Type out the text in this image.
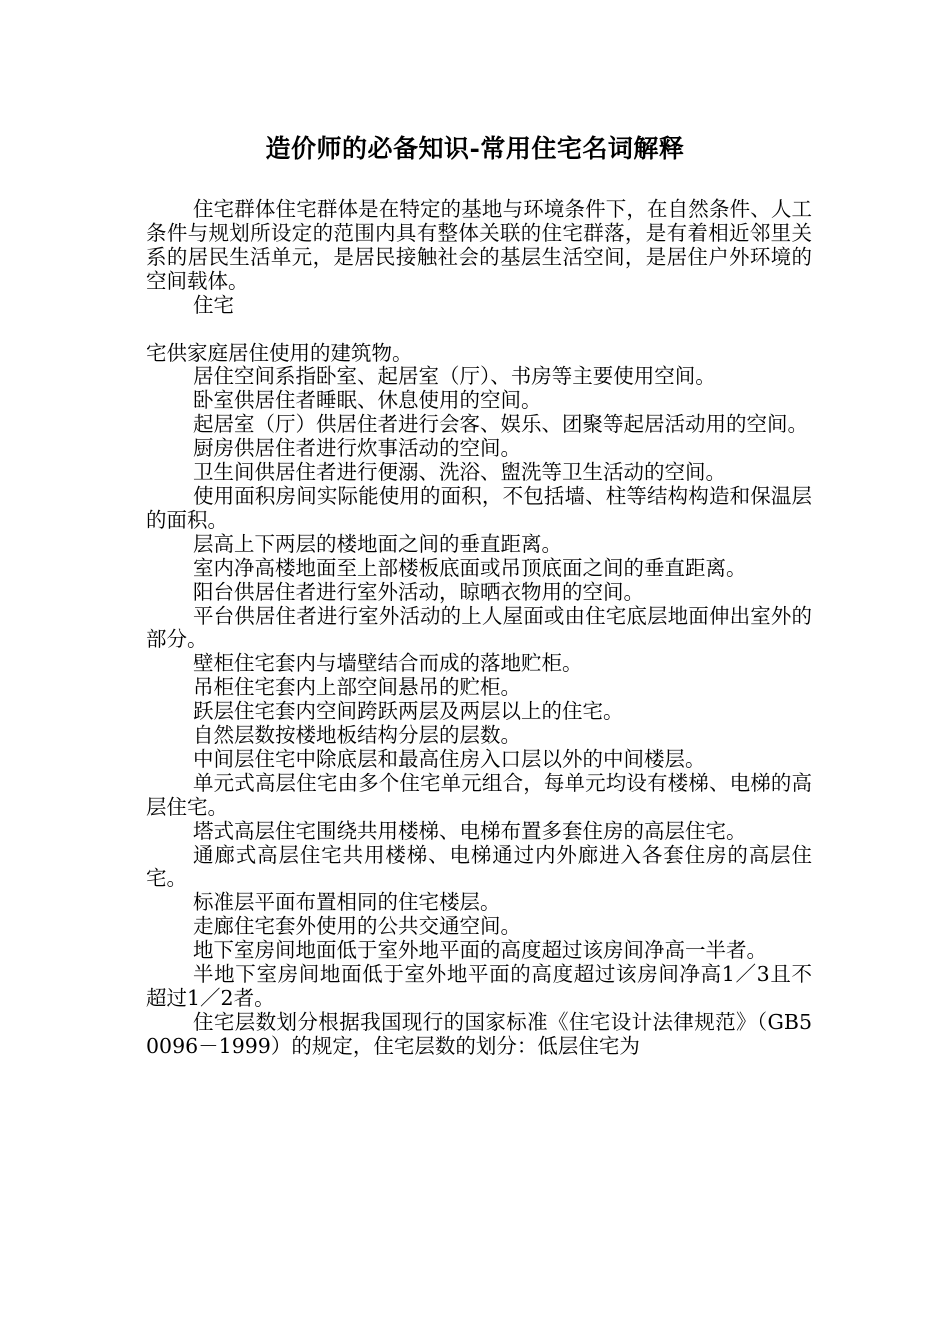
造价师的必备知识-常用住宅名词解释

住宅群体住宅群体是在特定的基地与环境条件下，在自然条件、人工条件与规划所设定的范围内具有整体关联的住宅群落，是有着相近邻里关系的居民生活单元，是居民接触社会的基层生活空间，是居住户外环境的空间载体。

住宅

宅供家庭居住使用的建筑物。

居住空间系指卧室、起居室（厅）、书房等主要使用空间。

卧室供居住者睡眠、休息使用的空间。

起居室（厅）供居住者进行会客、娱乐、团聚等起居活动用的空间。

厨房供居住者进行炊事活动的空间。

卫生间供居住者进行便溺、洗浴、盥洗等卫生活动的空间。

使用面积房间实际能使用的面积，不包括墙、柱等结构构造和保温层的面积。

层高上下两层的楼地面之间的垂直距离。

室内净高楼地面至上部楼板底面或吊顶底面之间的垂直距离。

阳台供居住者进行室外活动，晾晒衣物用的空间。

平台供居住者进行室外活动的上人屋面或由住宅底层地面伸出室外的部分。

壁柜住宅套内与墙壁结合而成的落地贮柜。

吊柜住宅套内上部空间悬吊的贮柜。

跃层住宅套内空间跨跃两层及两层以上的住宅。

自然层数按楼地板结构分层的层数。

中间层住宅中除底层和最高住房入口层以外的中间楼层。

单元式高层住宅由多个住宅单元组合，每单元均设有楼梯、电梯的高层住宅。

塔式高层住宅围绕共用楼梯、电梯布置多套住房的高层住宅。

通廊式高层住宅共用楼梯、电梯通过内外廊进入各套住房的高层住宅。

标准层平面布置相同的住宅楼层。

走廊住宅套外使用的公共交通空间。

地下室房间地面低于室外地平面的高度超过该房间净高一半者。

半地下室房间地面低于室外地平面的高度超过该房间净高1／3且不超过1／2者。

住宅层数划分根据我国现行的国家标准《住宅设计法律规范》（GB50096－1999）的规定，住宅层数的划分：低层住宅为
